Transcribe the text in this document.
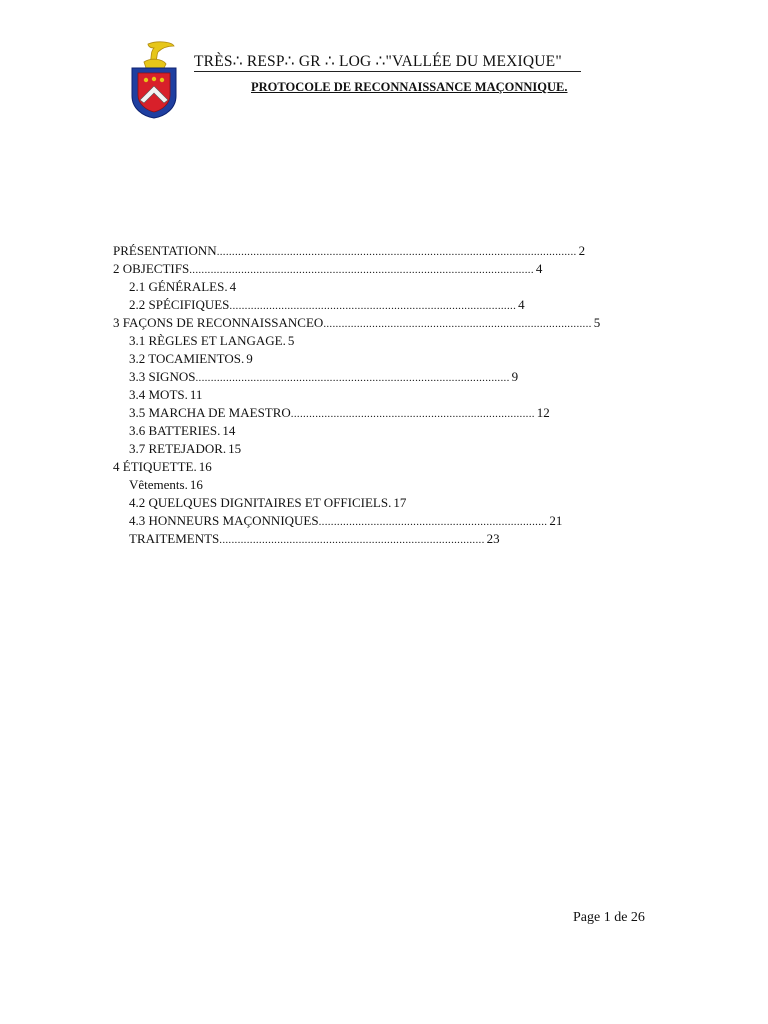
TRÈS∴ RESP∴ GR ∴ LOG ∴"VALLÉE DU MEXIQUE"
PROTOCOLE DE RECONNAISSANCE MAÇONNIQUE.
PRÉSENTATIONN ...................................................................................................................... 2
2 OBJECTIFS ................................................................................................................. 4
2.1 GÉNÉRALES. 4
2.2 SPÉCIFIQUES .............................................................................................. 4
3 FAÇONS DE RECONNAISSANCEO ........................................................................................ 5
3.1 RÈGLES ET LANGAGE. 5
3.2 TOCAMIENTOS. 9
3.3 SIGNOS ....................................................................................................... 9
3.4 MOTS. 11
3.5 MARCHA DE MAESTRO ................................................................................ 12
3.6 BATTERIES. 14
3.7 RETEJADOR. 15
4 ÉTIQUETTE. 16
Vêtements. 16
4.2 QUELQUES DIGNITAIRES ET OFFICIELS. 17
4.3 HONNEURS MAÇONNIQUES ........................................................................... 21
TRAITEMENTS ....................................................................................... 23
Page 1 de 26
